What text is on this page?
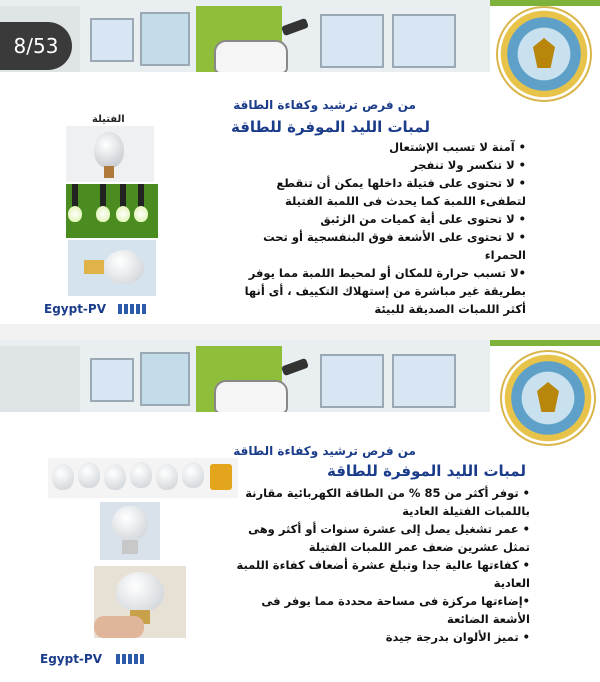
8/53
من فرص ترشيد وكفاءة الطاقة
لمبات الليد الموفرة للطاقة
الفتيلة
Egypt-PV
• آمنة لا تسبب الإشتعال
• لا تنكسر ولا تنفجر
• لا تحتوى على فتيلة داخلها يمكن أن تنقطع لتطفىء اللمبة كما يحدث فى اللمبة الفتيلة
• لا تحتوى على أية كميات من الزئبق
• لا تحتوى على الأشعة فوق البنفسجية أو تحت الحمراء
•لا تسبب حرارة للمكان أو لمحيط اللمبة مما يوفر بطريقة غير مباشرة من إستهلاك التكييف ، أى أنها أكثر اللمبات الصديقة للبيئة
من فرص ترشيد وكفاءة الطاقة
لمبات الليد الموفرة للطاقة
Egypt-PV
• توفر أكثر من 85 % من الطاقة الكهربائية مقارنة باللمبات الفتيلة العادية
• عمر تشغيل يصل إلى عشرة سنوات أو أكثر وهى تمثل عشرين ضعف عمر اللمبات الفتيلة
• كفاءتها عالية جدا وتبلغ عشرة أضعاف كفاءة اللمبة العادية
•إضاءتها مركزة فى مساحة محددة مما يوفر فى الأشعة الضائعة
• تميز الألوان بدرجة جيدة
